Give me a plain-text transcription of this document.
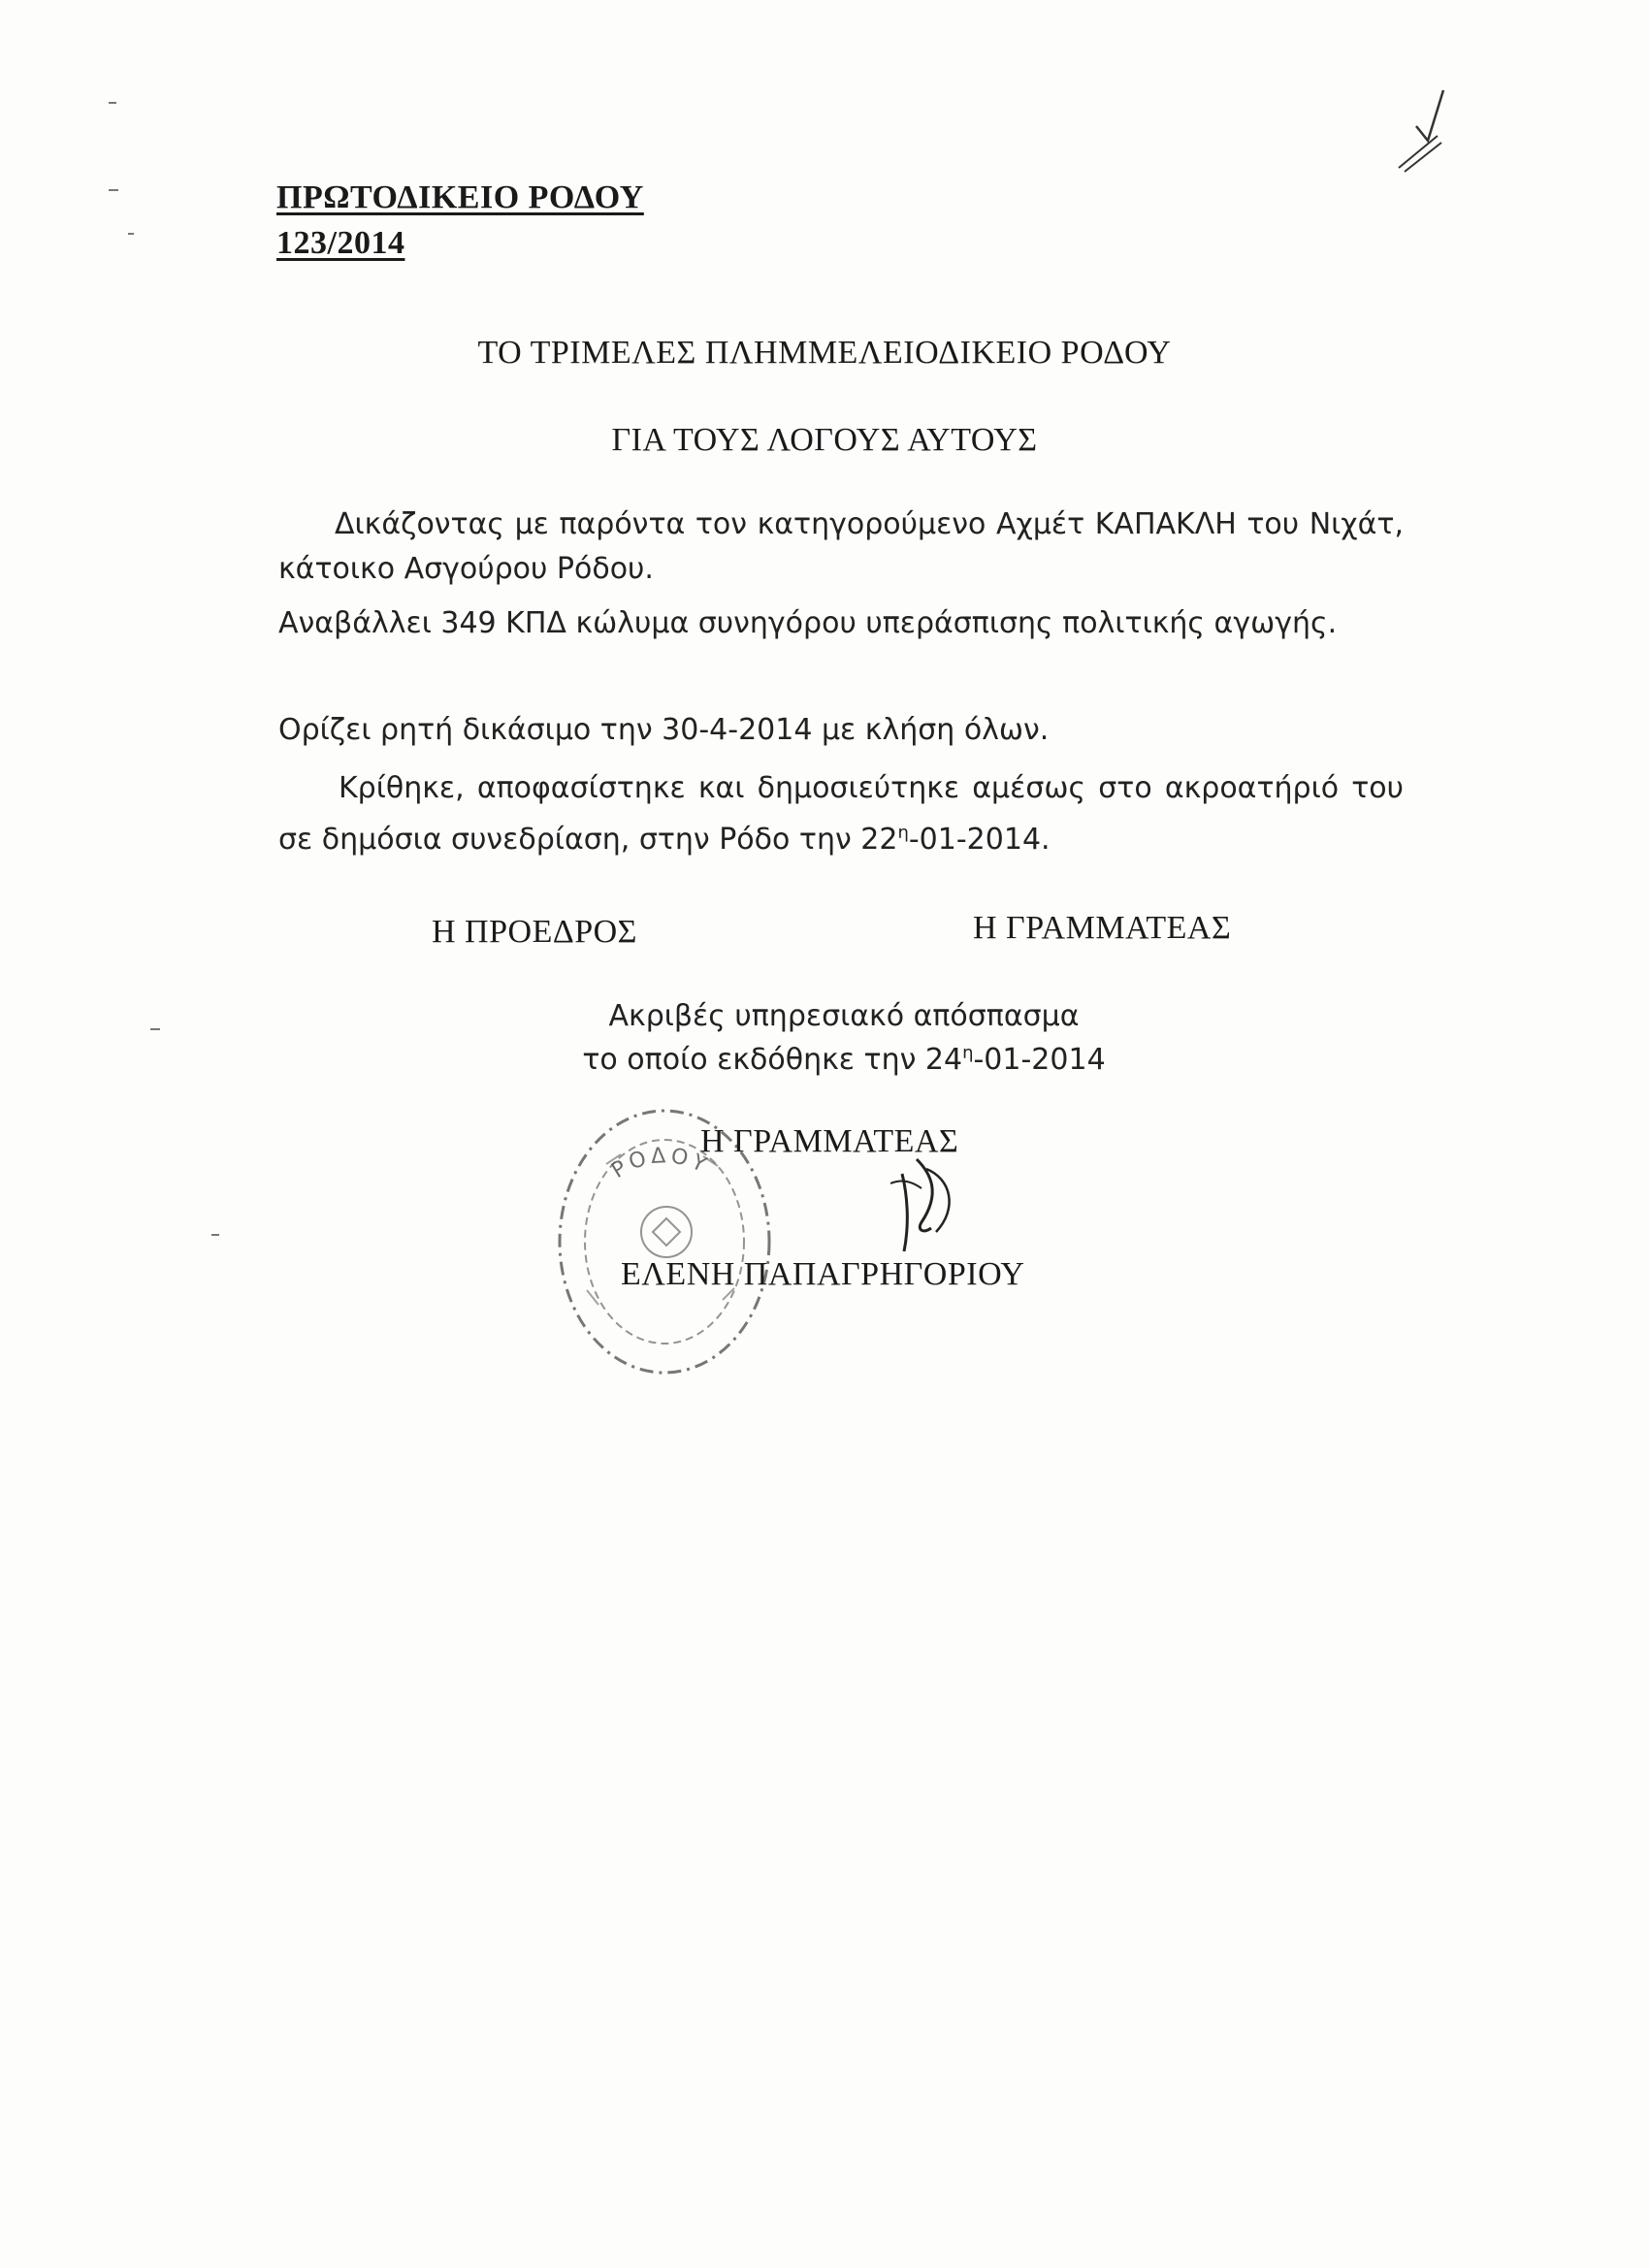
ΠΡΩΤΟΔΙΚΕΙΟ ΡΟΔΟΥ
123/2014
ΤΟ ΤΡΙΜΕΛΕΣ ΠΛΗΜΜΕΛΕΙΟΔΙΚΕΙΟ ΡΟΔΟΥ
ΓΙΑ ΤΟΥΣ ΛΟΓΟΥΣ ΑΥΤΟΥΣ
Δικάζοντας με παρόντα τον κατηγορούμενο Αχμέτ ΚΑΠΑΚΛΗ του Νιχάτ, κάτοικο Ασγούρου Ρόδου.
Αναβάλλει 349 ΚΠΔ κώλυμα συνηγόρου υπεράσπισης πολιτικής αγωγής.
Ορίζει ρητή δικάσιμο την 30-4-2014 με κλήση όλων.
Κρίθηκε, αποφασίστηκε και δημοσιεύτηκε αμέσως στο ακροατήριό του σε δημόσια συνεδρίαση, στην Ρόδο την $22^\eta-01-2014$.
Η ΠΡΟΕΔΡΟΣ	Η ΓΡΑΜΜΑΤΕΑΣ
Ακριβές υπηρεσιακό απόσπασμα
το οποίο εκδόθηκε την $24^\eta-01-2014$
ΡΟΔΟΥ
Η ΓΡΑΜΜΑΤΕΑΣ
ΕΛΕΝΗ ΠΑΠΑΓΡΗΓΟΡΙΟΥ
